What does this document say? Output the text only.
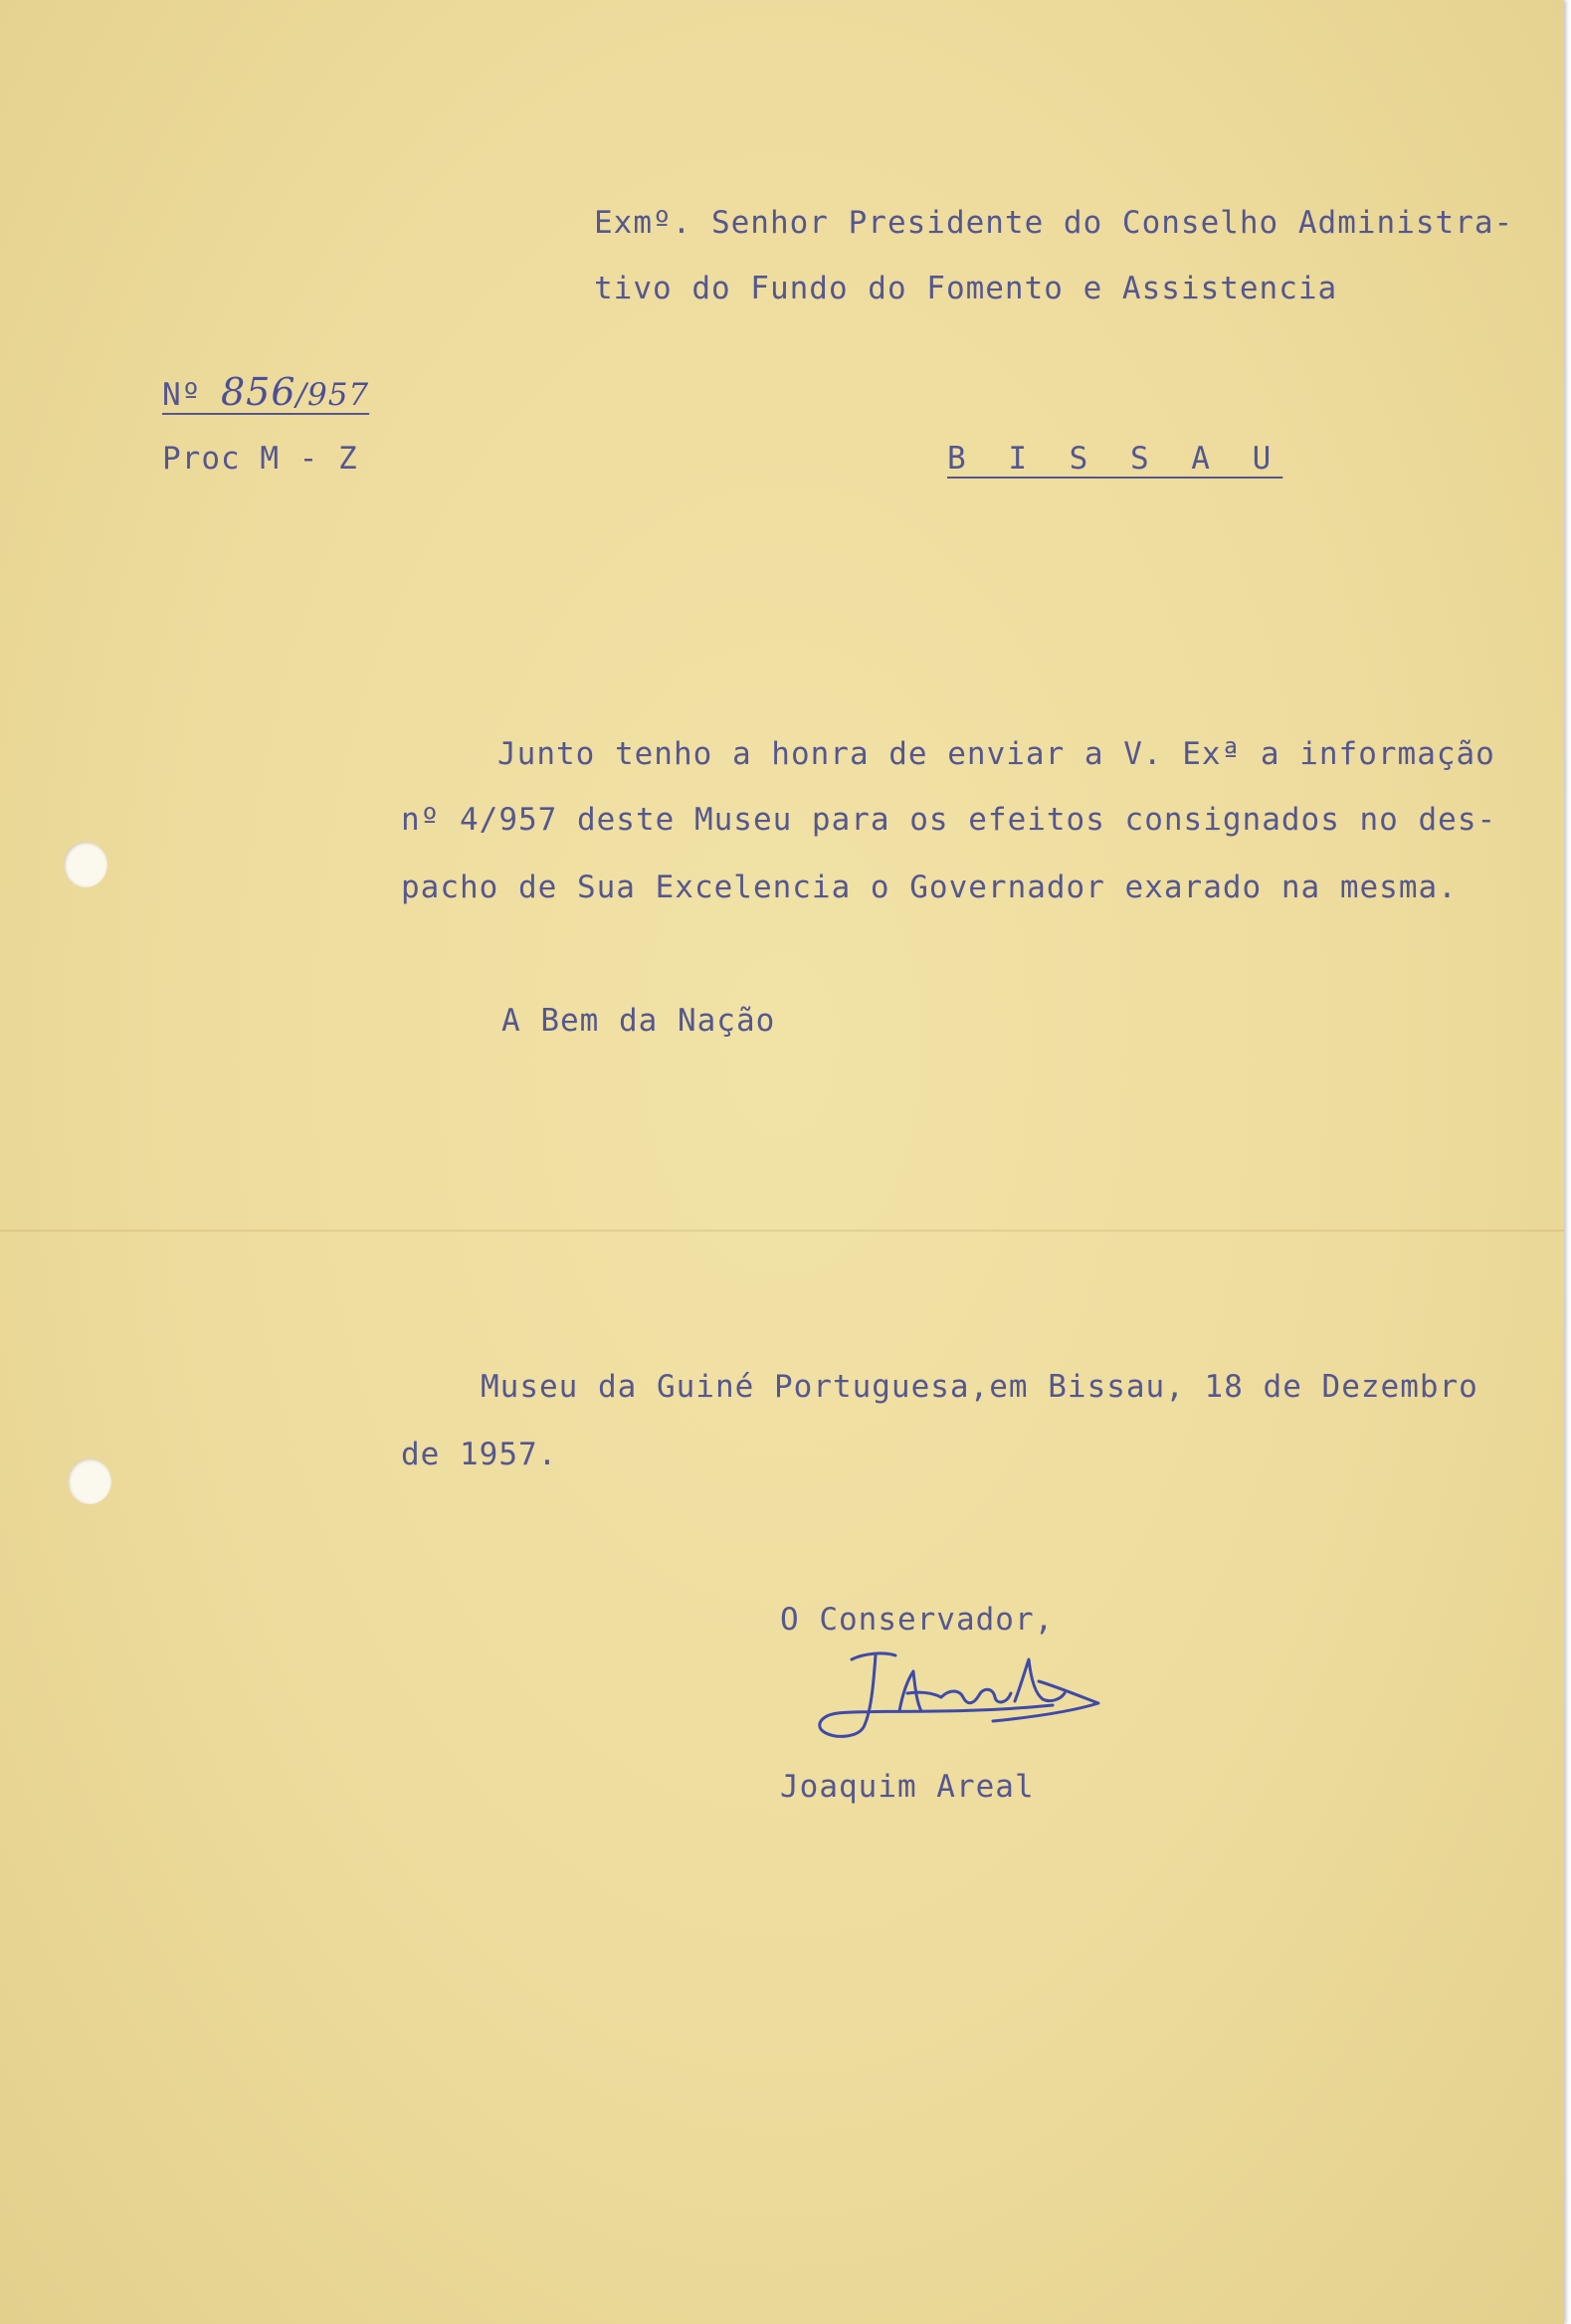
Exmº. Senhor Presidente do Conselho Administra-

tivo do Fundo do Fomento e Assistencia

Nº 856/957

Proc M - Z	B I S S A U

Junto tenho a honra de enviar a V. Exª a informação

nº 4/957 deste Museu para os efeitos consignados no des-

pacho de Sua Excelencia o Governador exarado na mesma.

A Bem da Nação

Museu da Guiné Portuguesa,em Bissau, 18 de Dezembro

de 1957.

O Conservador,

Joaquim Areal
